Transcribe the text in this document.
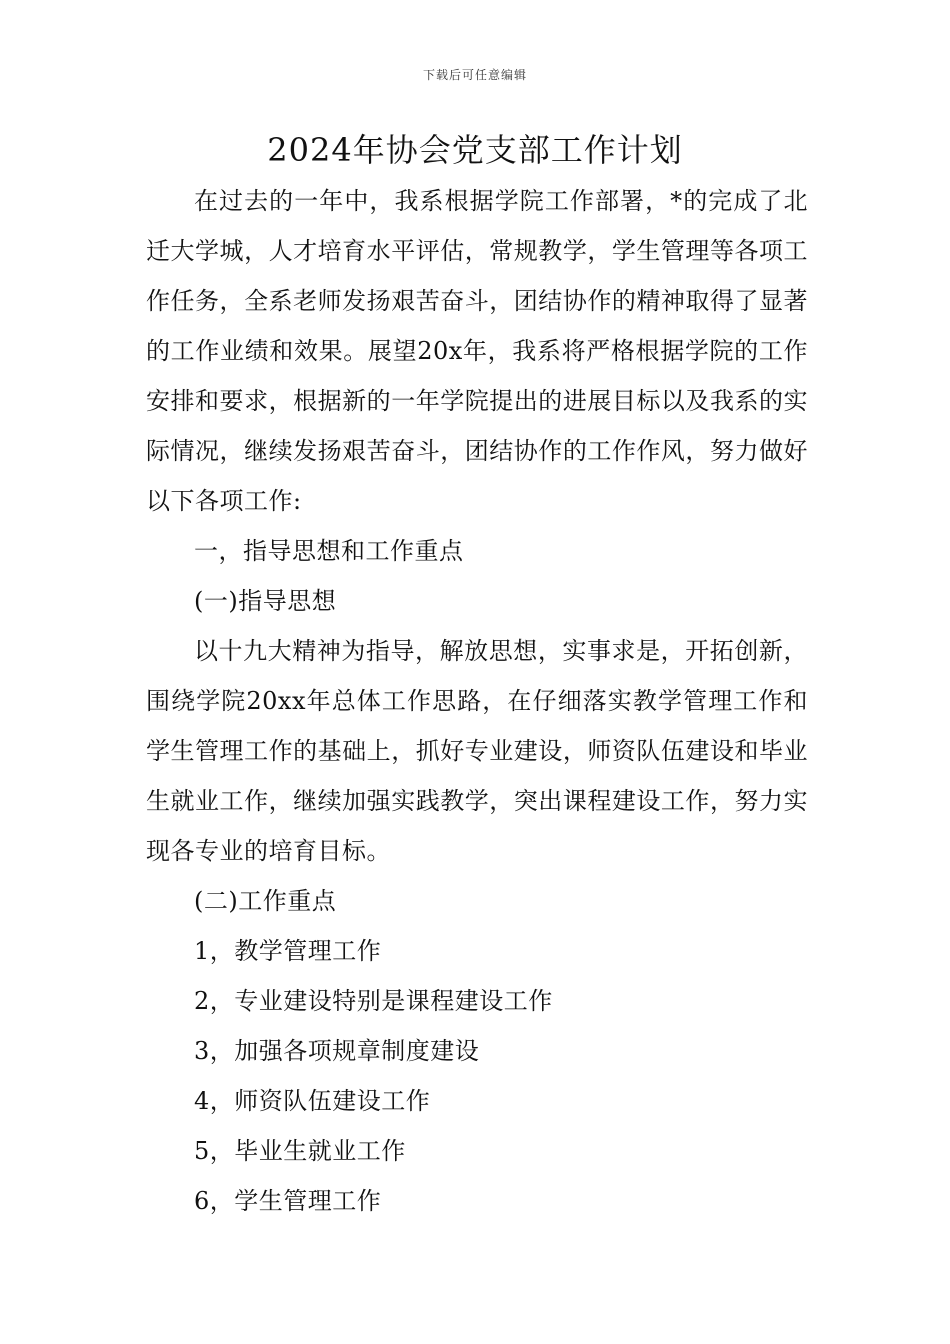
下载后可任意编辑
2024年协会党支部工作计划

在过去的一年中，我系根据学院工作部署，*的完成了北迁大学城，人才培育水平评估，常规教学，学生管理等各项工作任务，全系老师发扬艰苦奋斗，团结协作的精神取得了显著的工作业绩和效果。展望20x年，我系将严格根据学院的工作安排和要求，根据新的一年学院提出的进展目标以及我系的实际情况，继续发扬艰苦奋斗，团结协作的工作作风，努力做好以下各项工作:

一，指导思想和工作重点

(一)指导思想

以十九大精神为指导，解放思想，实事求是，开拓创新，围绕学院20xx年总体工作思路，在仔细落实教学管理工作和学生管理工作的基础上，抓好专业建设，师资队伍建设和毕业生就业工作，继续加强实践教学，突出课程建设工作，努力实现各专业的培育目标。

(二)工作重点

1，教学管理工作

2，专业建设特别是课程建设工作

3，加强各项规章制度建设

4，师资队伍建设工作

5，毕业生就业工作

6，学生管理工作
